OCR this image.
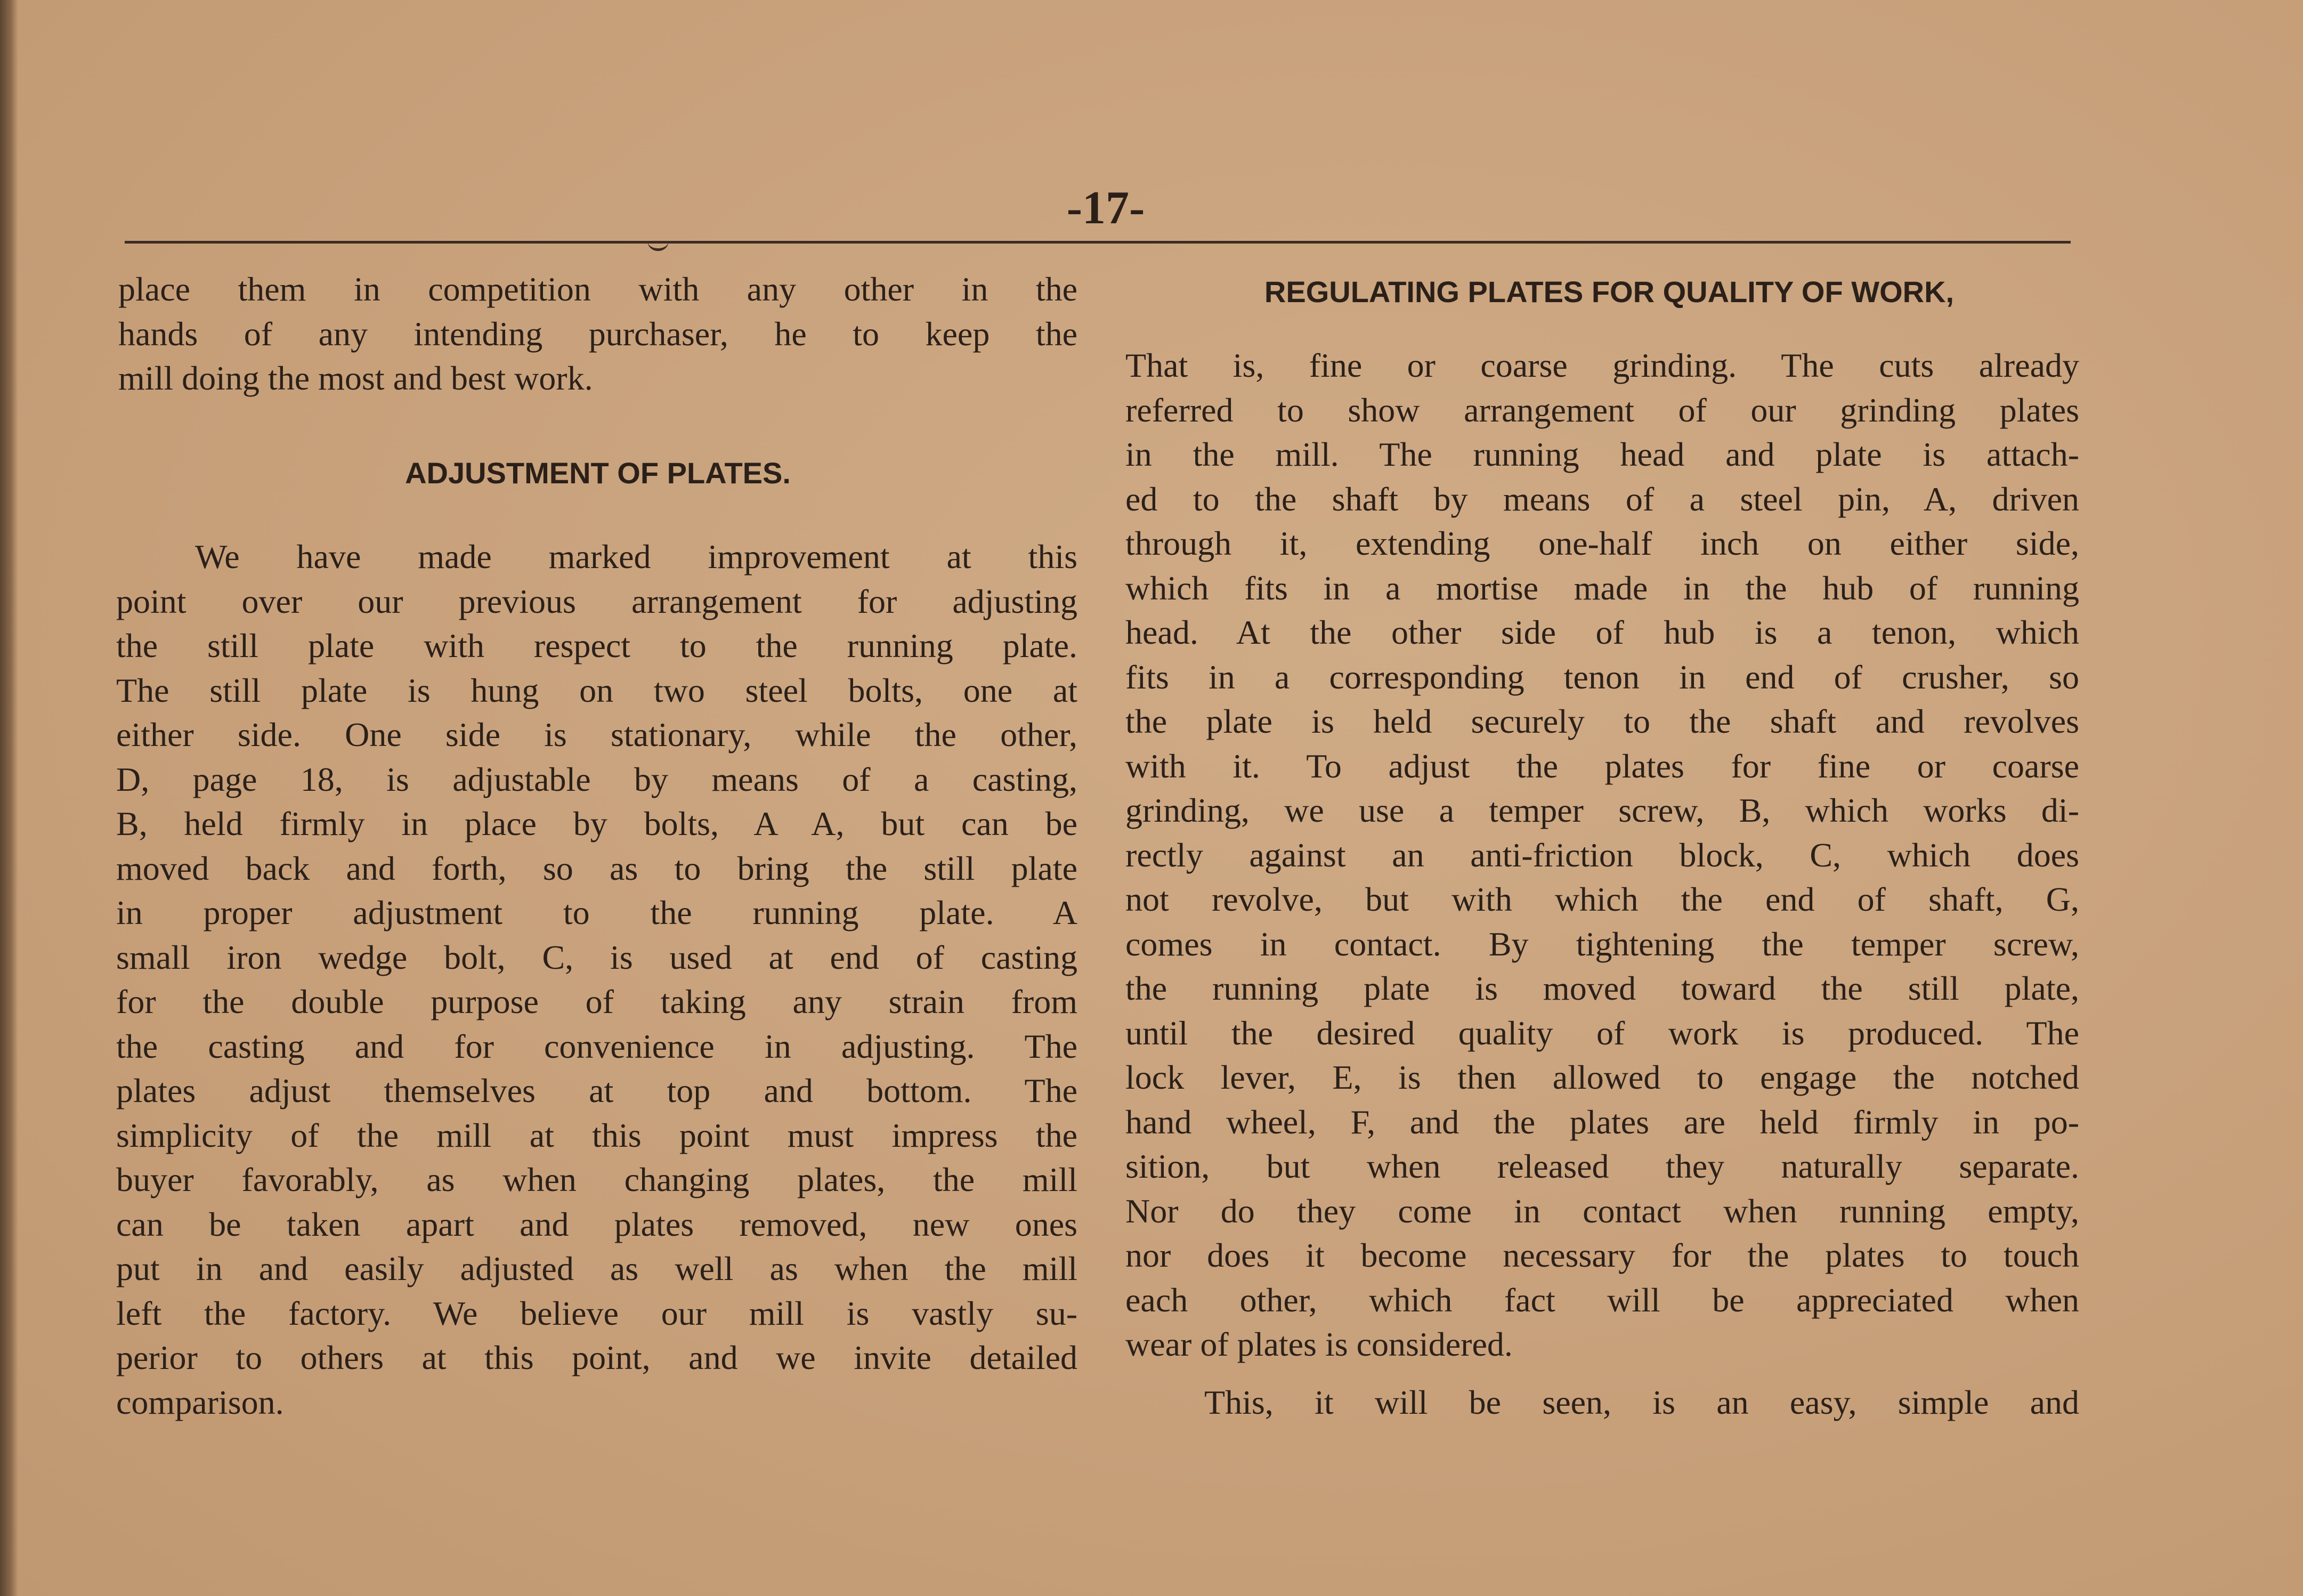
-17-
place them in competition with any other in the
hands of any intending purchaser, he to keep the
mill doing the most and best work.
ADJUSTMENT OF PLATES.
We have made marked improvement at this
point over our previous arrangement for adjusting
the still plate with respect to the running plate.
The still plate is hung on two steel bolts, one at
either side. One side is stationary, while the other,
D, page 18, is adjustable by means of a casting,
B, held firmly in place by bolts, A A, but can be
moved back and forth, so as to bring the still plate
in proper adjustment to the running plate. A
small iron wedge bolt, C, is used at end of casting
for the double purpose of taking any strain from
the casting and for convenience in adjusting. The
plates adjust themselves at top and bottom. The
simplicity of the mill at this point must impress the
buyer favorably, as when changing plates, the mill
can be taken apart and plates removed, new ones
put in and easily adjusted as well as when the mill
left the factory. We believe our mill is vastly su-
perior to others at this point, and we invite detailed
comparison.
REGULATING PLATES FOR QUALITY OF WORK,
That is, fine or coarse grinding. The cuts already
referred to show arrangement of our grinding plates
in the mill. The running head and plate is attach-
ed to the shaft by means of a steel pin, A, driven
through it, extending one-half inch on either side,
which fits in a mortise made in the hub of running
head. At the other side of hub is a tenon, which
fits in a corresponding tenon in end of crusher, so
the plate is held securely to the shaft and revolves
with it. To adjust the plates for fine or coarse
grinding, we use a temper screw, B, which works di-
rectly against an anti-friction block, C, which does
not revolve, but with which the end of shaft, G,
comes in contact. By tightening the temper screw,
the running plate is moved toward the still plate,
until the desired quality of work is produced. The
lock lever, E, is then allowed to engage the notched
hand wheel, F, and the plates are held firmly in po-
sition, but when released they naturally separate.
Nor do they come in contact when running empty,
nor does it become necessary for the plates to touch
each other, which fact will be appreciated when
wear of plates is considered.
This, it will be seen, is an easy, simple and
